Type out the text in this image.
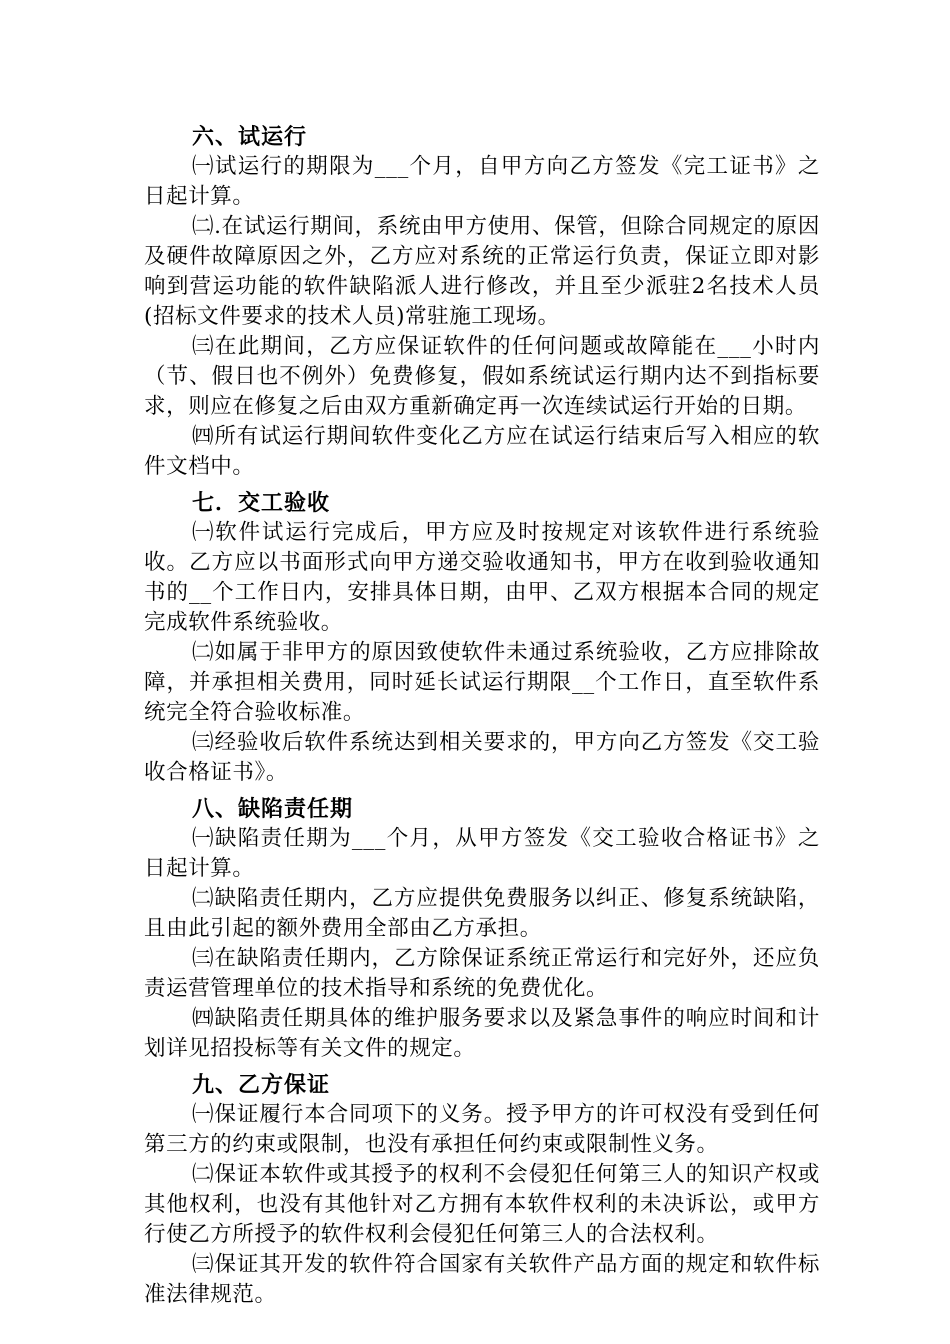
六、试运行

㈠试运行的期限为___个月，自甲方向乙方签发《完工证书》之日起计算。

㈡.在试运行期间，系统由甲方使用、保管，但除合同规定的原因及硬件故障原因之外，乙方应对系统的正常运行负责，保证立即对影响到营运功能的软件缺陷派人进行修改，并且至少派驻2名技术人员(招标文件要求的技术人员)常驻施工现场。

㈢在此期间，乙方应保证软件的任何问题或故障能在___小时内（节、假日也不例外）免费修复，假如系统试运行期内达不到指标要求，则应在修复之后由双方重新确定再一次连续试运行开始的日期。

㈣所有试运行期间软件变化乙方应在试运行结束后写入相应的软件文档中。

七．交工验收

㈠软件试运行完成后，甲方应及时按规定对该软件进行系统验收。乙方应以书面形式向甲方递交验收通知书，甲方在收到验收通知书的__个工作日内，安排具体日期，由甲、乙双方根据本合同的规定完成软件系统验收。

㈡如属于非甲方的原因致使软件未通过系统验收，乙方应排除故障，并承担相关费用，同时延长试运行期限__个工作日，直至软件系统完全符合验收标准。

㈢经验收后软件系统达到相关要求的，甲方向乙方签发《交工验收合格证书》。

八、缺陷责任期

㈠缺陷责任期为___个月，从甲方签发《交工验收合格证书》之日起计算。

㈡缺陷责任期内，乙方应提供免费服务以纠正、修复系统缺陷，且由此引起的额外费用全部由乙方承担。

㈢在缺陷责任期内，乙方除保证系统正常运行和完好外，还应负责运营管理单位的技术指导和系统的免费优化。

㈣缺陷责任期具体的维护服务要求以及紧急事件的响应时间和计划详见招投标等有关文件的规定。

九、乙方保证

㈠保证履行本合同项下的义务。授予甲方的许可权没有受到任何第三方的约束或限制，也没有承担任何约束或限制性义务。

㈡保证本软件或其授予的权利不会侵犯任何第三人的知识产权或其他权利，也没有其他针对乙方拥有本软件权利的未决诉讼，或甲方行使乙方所授予的软件权利会侵犯任何第三人的合法权利。

㈢保证其开发的软件符合国家有关软件产品方面的规定和软件标准法律规范。
